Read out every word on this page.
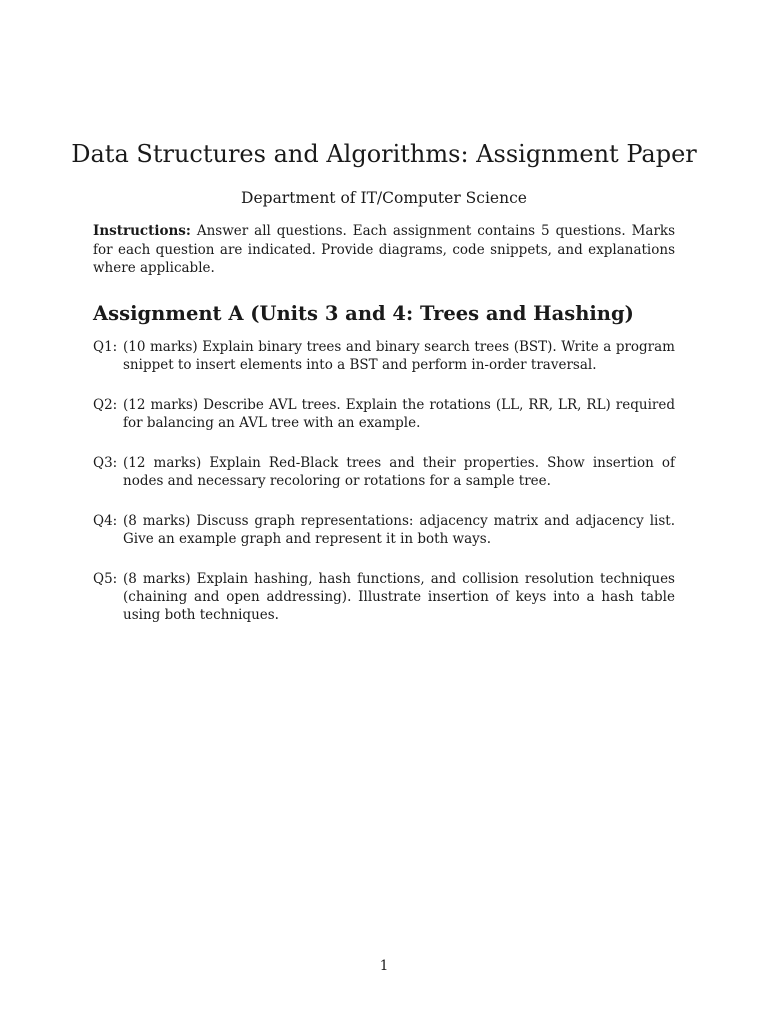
Data Structures and Algorithms: Assignment Paper
Department of IT/Computer Science
Instructions: Answer all questions. Each assignment contains 5 questions. Marks for each question are indicated. Provide diagrams, code snippets, and explanations where applicable.
Assignment A (Units 3 and 4: Trees and Hashing)
Q1: (10 marks) Explain binary trees and binary search trees (BST). Write a program snippet to insert elements into a BST and perform in-order traversal.
Q2: (12 marks) Describe AVL trees. Explain the rotations (LL, RR, LR, RL) required for balancing an AVL tree with an example.
Q3: (12 marks) Explain Red-Black trees and their properties. Show insertion of nodes and necessary recoloring or rotations for a sample tree.
Q4: (8 marks) Discuss graph representations: adjacency matrix and adjacency list. Give an example graph and represent it in both ways.
Q5: (8 marks) Explain hashing, hash functions, and collision resolution techniques (chaining and open addressing). Illustrate insertion of keys into a hash table using both techniques.
1
